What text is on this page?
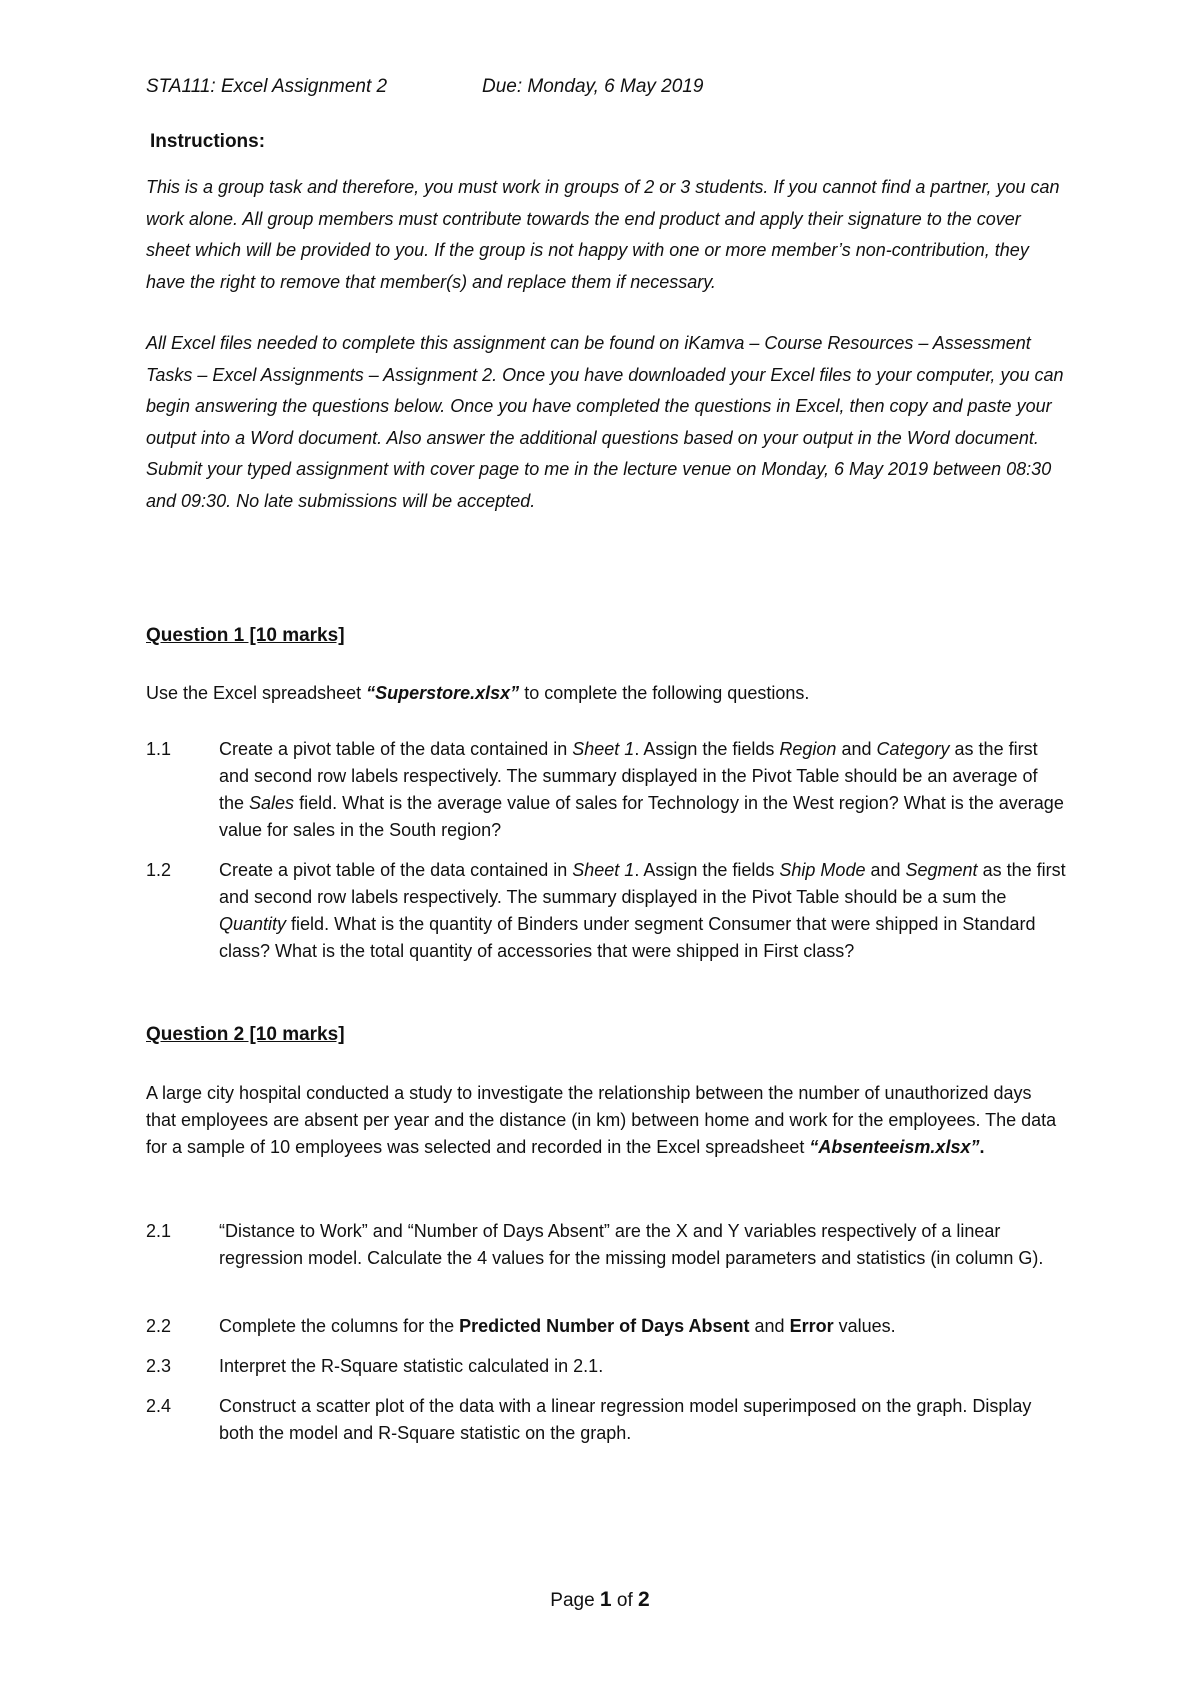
STA111: Excel Assignment 2	Due: Monday, 6 May 2019
Instructions:
This is a group task and therefore, you must work in groups of 2 or 3 students. If you cannot find a partner, you can work alone. All group members must contribute towards the end product and apply their signature to the cover sheet which will be provided to you. If the group is not happy with one or more member’s non-contribution, they have the right to remove that member(s) and replace them if necessary.
All Excel files needed to complete this assignment can be found on iKamva – Course Resources – Assessment Tasks – Excel Assignments – Assignment 2. Once you have downloaded your Excel files to your computer, you can begin answering the questions below. Once you have completed the questions in Excel, then copy and paste your output into a Word document. Also answer the additional questions based on your output in the Word document. Submit your typed assignment with cover page to me in the lecture venue on Monday, 6 May 2019 between 08:30 and 09:30. No late submissions will be accepted.
Question 1 [10 marks]
Use the Excel spreadsheet “Superstore.xlsx” to complete the following questions.
1.1	Create a pivot table of the data contained in Sheet 1. Assign the fields Region and Category as the first and second row labels respectively. The summary displayed in the Pivot Table should be an average of the Sales field. What is the average value of sales for Technology in the West region? What is the average value for sales in the South region?
1.2	Create a pivot table of the data contained in Sheet 1. Assign the fields Ship Mode and Segment as the first and second row labels respectively. The summary displayed in the Pivot Table should be a sum the Quantity field. What is the quantity of Binders under segment Consumer that were shipped in Standard class? What is the total quantity of accessories that were shipped in First class?
Question 2 [10 marks]
A large city hospital conducted a study to investigate the relationship between the number of unauthorized days that employees are absent per year and the distance (in km) between home and work for the employees. The data for a sample of 10 employees was selected and recorded in the Excel spreadsheet “Absenteeism.xlsx”.
2.1	“Distance to Work” and “Number of Days Absent” are the X and Y variables respectively of a linear regression model. Calculate the 4 values for the missing model parameters and statistics (in column G).
2.2	Complete the columns for the Predicted Number of Days Absent and Error values.
2.3	Interpret the R-Square statistic calculated in 2.1.
2.4	Construct a scatter plot of the data with a linear regression model superimposed on the graph. Display both the model and R-Square statistic on the graph.
Page 1 of 2
